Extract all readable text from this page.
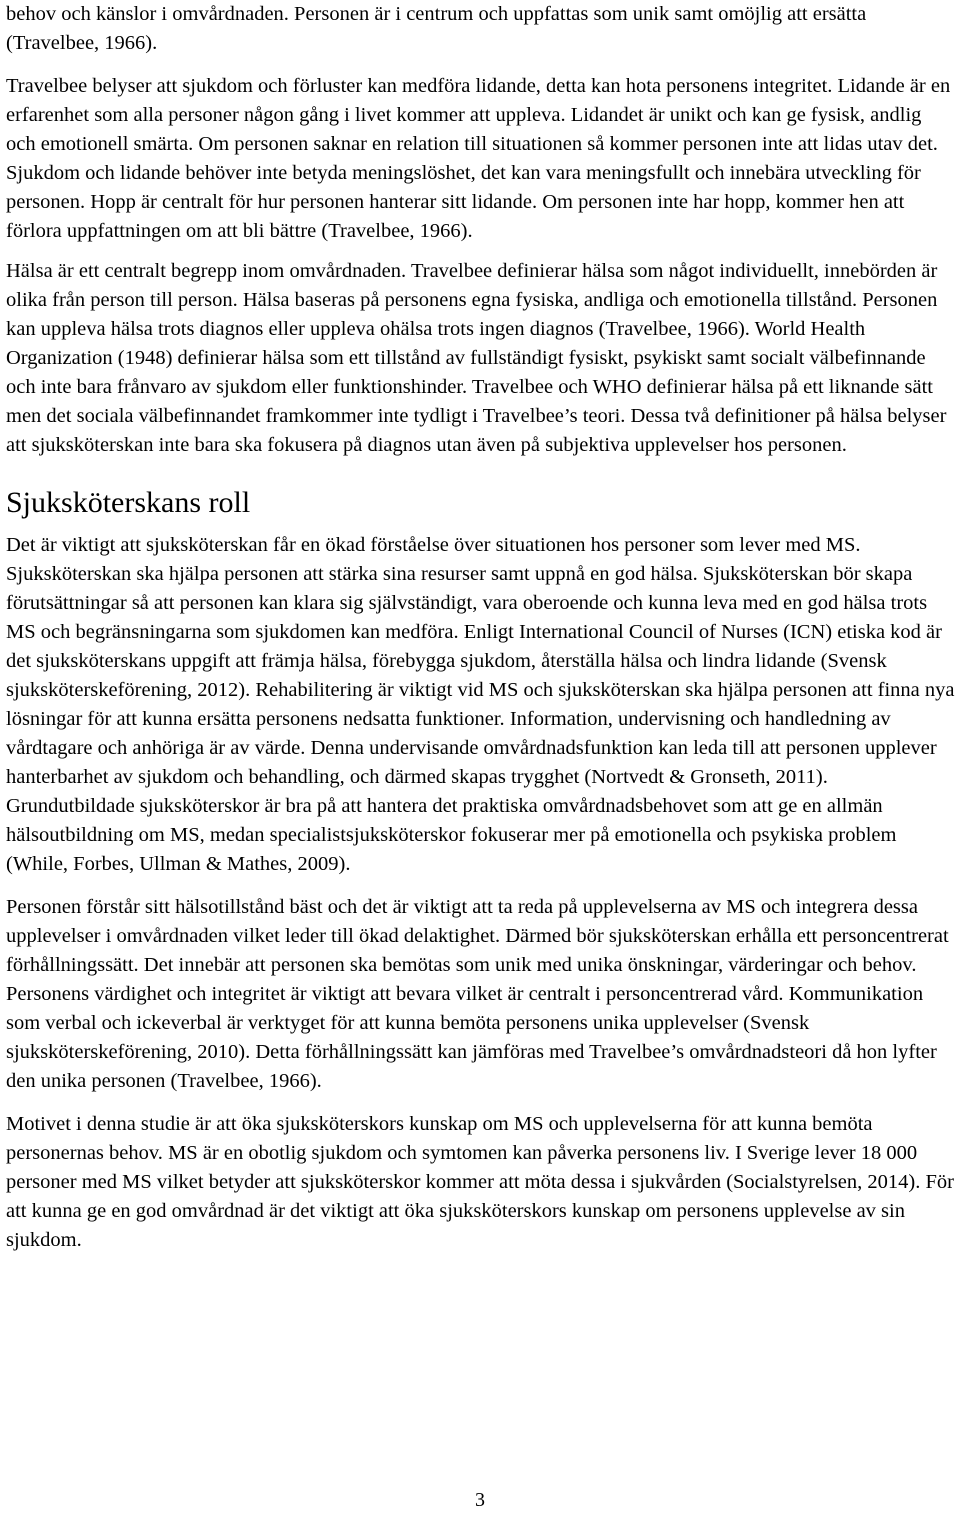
behov och känslor i omvårdnaden. Personen är i centrum och uppfattas som unik samt omöjlig att ersätta (Travelbee, 1966).

Travelbee belyser att sjukdom och förluster kan medföra lidande, detta kan hota personens integritet. Lidande är en erfarenhet som alla personer någon gång i livet kommer att uppleva. Lidandet är unikt och kan ge fysisk, andlig och emotionell smärta. Om personen saknar en relation till situationen så kommer personen inte att lidas utav det. Sjukdom och lidande behöver inte betyda meningslöshet, det kan vara meningsfullt och innebära utveckling för personen. Hopp är centralt för hur personen hanterar sitt lidande. Om personen inte har hopp, kommer hen att förlora uppfattningen om att bli bättre (Travelbee, 1966).

Hälsa är ett centralt begrepp inom omvårdnaden. Travelbee definierar hälsa som något individuellt, innebörden är olika från person till person. Hälsa baseras på personens egna fysiska, andliga och emotionella tillstånd. Personen kan uppleva hälsa trots diagnos eller uppleva ohälsa trots ingen diagnos (Travelbee, 1966). World Health Organization (1948) definierar hälsa som ett tillstånd av fullständigt fysiskt, psykiskt samt socialt välbefinnande och inte bara frånvaro av sjukdom eller funktionshinder. Travelbee och WHO definierar hälsa på ett liknande sätt men det sociala välbefinnandet framkommer inte tydligt i Travelbee’s teori. Dessa två definitioner på hälsa belyser att sjuksköterskan inte bara ska fokusera på diagnos utan även på subjektiva upplevelser hos personen.

Sjuksköterskans roll

Det är viktigt att sjuksköterskan får en ökad förståelse över situationen hos personer som lever med MS. Sjuksköterskan ska hjälpa personen att stärka sina resurser samt uppnå en god hälsa. Sjuksköterskan bör skapa förutsättningar så att personen kan klara sig självständigt, vara oberoende och kunna leva med en god hälsa trots MS och begränsningarna som sjukdomen kan medföra. Enligt International Council of Nurses (ICN) etiska kod är det sjuksköterskans uppgift att främja hälsa, förebygga sjukdom, återställa hälsa och lindra lidande (Svensk sjuksköterskeförening, 2012). Rehabilitering är viktigt vid MS och sjuksköterskan ska hjälpa personen att finna nya lösningar för att kunna ersätta personens nedsatta funktioner. Information, undervisning och handledning av vårdtagare och anhöriga är av värde. Denna undervisande omvårdnadsfunktion kan leda till att personen upplever hanterbarhet av sjukdom och behandling, och därmed skapas trygghet (Nortvedt & Gronseth, 2011). Grundutbildade sjuksköterskor är bra på att hantera det praktiska omvårdnadsbehovet som att ge en allmän hälsoutbildning om MS, medan specialistsjuksköterskor fokuserar mer på emotionella och psykiska problem (While, Forbes, Ullman & Mathes, 2009).

Personen förstår sitt hälsotillstånd bäst och det är viktigt att ta reda på upplevelserna av MS och integrera dessa upplevelser i omvårdnaden vilket leder till ökad delaktighet. Därmed bör sjuksköterskan erhålla ett personcentrerat förhållningssätt. Det innebär att personen ska bemötas som unik med unika önskningar, värderingar och behov. Personens värdighet och integritet är viktigt att bevara vilket är centralt i personcentrerad vård. Kommunikation som verbal och ickeverbal är verktyget för att kunna bemöta personens unika upplevelser (Svensk sjuksköterskeförening, 2010). Detta förhållningssätt kan jämföras med Travelbee’s omvårdnadsteori då hon lyfter den unika personen (Travelbee, 1966).

Motivet i denna studie är att öka sjuksköterskors kunskap om MS och upplevelserna för att kunna bemöta personernas behov. MS är en obotlig sjukdom och symtomen kan påverka personens liv. I Sverige lever 18 000 personer med MS vilket betyder att sjuksköterskor kommer att möta dessa i sjukvården (Socialstyrelsen, 2014). För att kunna ge en god omvårdnad är det viktigt att öka sjuksköterskors kunskap om personens upplevelse av sin sjukdom.

3
